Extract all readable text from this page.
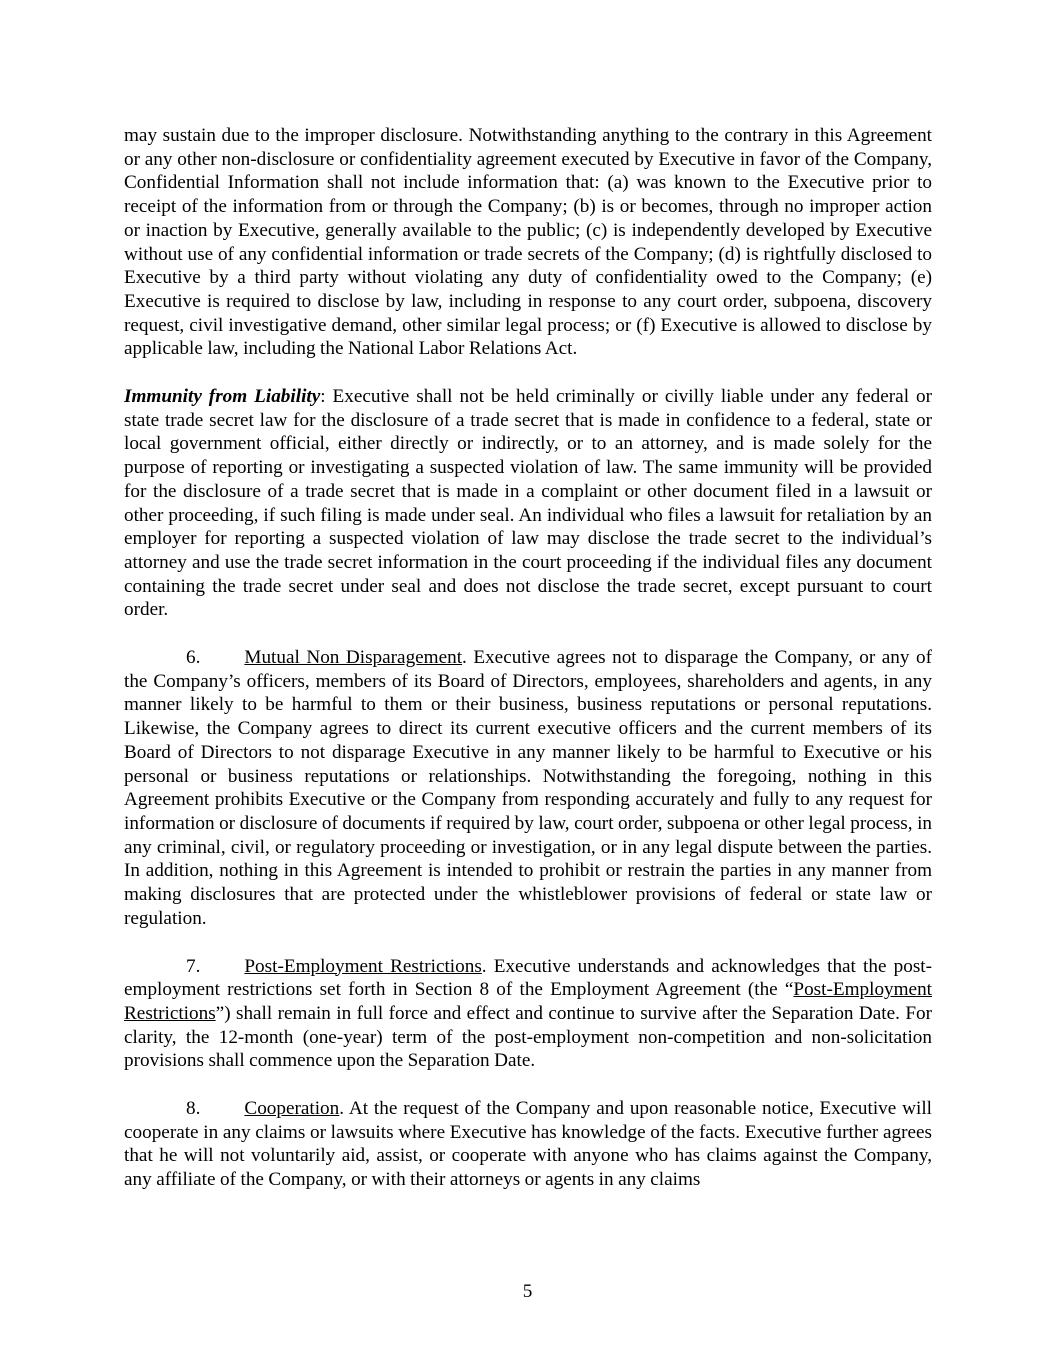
may sustain due to the improper disclosure. Notwithstanding anything to the contrary in this Agreement or any other non-disclosure or confidentiality agreement executed by Executive in favor of the Company, Confidential Information shall not include information that: (a) was known to the Executive prior to receipt of the information from or through the Company; (b) is or becomes, through no improper action or inaction by Executive, generally available to the public; (c) is independently developed by Executive without use of any confidential information or trade secrets of the Company; (d) is rightfully disclosed to Executive by a third party without violating any duty of confidentiality owed to the Company; (e) Executive is required to disclose by law, including in response to any court order, subpoena, discovery request, civil investigative demand, other similar legal process; or (f) Executive is allowed to disclose by applicable law, including the National Labor Relations Act.

Immunity from Liability: Executive shall not be held criminally or civilly liable under any federal or state trade secret law for the disclosure of a trade secret that is made in confidence to a federal, state or local government official, either directly or indirectly, or to an attorney, and is made solely for the purpose of reporting or investigating a suspected violation of law. The same immunity will be provided for the disclosure of a trade secret that is made in a complaint or other document filed in a lawsuit or other proceeding, if such filing is made under seal. An individual who files a lawsuit for retaliation by an employer for reporting a suspected violation of law may disclose the trade secret to the individual’s attorney and use the trade secret information in the court proceeding if the individual files any document containing the trade secret under seal and does not disclose the trade secret, except pursuant to court order.

6. Mutual Non Disparagement. Executive agrees not to disparage the Company, or any of the Company’s officers, members of its Board of Directors, employees, shareholders and agents, in any manner likely to be harmful to them or their business, business reputations or personal reputations. Likewise, the Company agrees to direct its current executive officers and the current members of its Board of Directors to not disparage Executive in any manner likely to be harmful to Executive or his personal or business reputations or relationships. Notwithstanding the foregoing, nothing in this Agreement prohibits Executive or the Company from responding accurately and fully to any request for information or disclosure of documents if required by law, court order, subpoena or other legal process, in any criminal, civil, or regulatory proceeding or investigation, or in any legal dispute between the parties. In addition, nothing in this Agreement is intended to prohibit or restrain the parties in any manner from making disclosures that are protected under the whistleblower provisions of federal or state law or regulation.

7. Post-Employment Restrictions. Executive understands and acknowledges that the post-employment restrictions set forth in Section 8 of the Employment Agreement (the “Post-Employment Restrictions”) shall remain in full force and effect and continue to survive after the Separation Date. For clarity, the 12-month (one-year) term of the post-employment non-competition and non-solicitation provisions shall commence upon the Separation Date.

8. Cooperation. At the request of the Company and upon reasonable notice, Executive will cooperate in any claims or lawsuits where Executive has knowledge of the facts. Executive further agrees that he will not voluntarily aid, assist, or cooperate with anyone who has claims against the Company, any affiliate of the Company, or with their attorneys or agents in any claims

5
